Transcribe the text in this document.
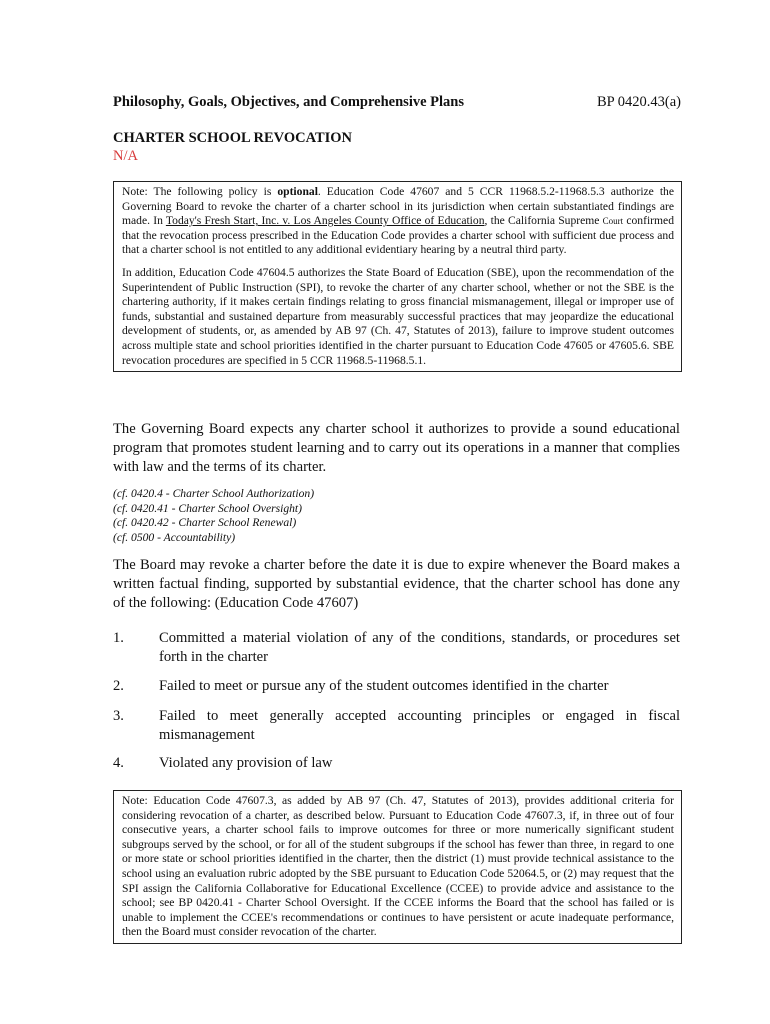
Philosophy, Goals, Objectives, and Comprehensive Plans	BP 0420.43(a)
CHARTER SCHOOL REVOCATION
N/A

Note: The following policy is optional. Education Code 47607 and 5 CCR 11968.5.2-11968.5.3 authorize the Governing Board to revoke the charter of a charter school in its jurisdiction when certain substantiated findings are made. In Today's Fresh Start, Inc. v. Los Angeles County Office of Education, the California Supreme Court confirmed that the revocation process prescribed in the Education Code provides a charter school with sufficient due process and that a charter school is not entitled to any additional evidentiary hearing by a neutral third party.

In addition, Education Code 47604.5 authorizes the State Board of Education (SBE), upon the recommendation of the Superintendent of Public Instruction (SPI), to revoke the charter of any charter school, whether or not the SBE is the chartering authority, if it makes certain findings relating to gross financial mismanagement, illegal or improper use of funds, substantial and sustained departure from measurably successful practices that may jeopardize the educational development of students, or, as amended by AB 97 (Ch. 47, Statutes of 2013), failure to improve student outcomes across multiple state and school priorities identified in the charter pursuant to Education Code 47605 or 47605.6. SBE revocation procedures are specified in 5 CCR 11968.5-11968.5.1.

The Governing Board expects any charter school it authorizes to provide a sound educational program that promotes student learning and to carry out its operations in a manner that complies with law and the terms of its charter.

(cf. 0420.4 - Charter School Authorization)
(cf. 0420.41 - Charter School Oversight)
(cf. 0420.42 - Charter School Renewal)
(cf. 0500 - Accountability)

The Board may revoke a charter before the date it is due to expire whenever the Board makes a written factual finding, supported by substantial evidence, that the charter school has done any of the following: (Education Code 47607)

1. Committed a material violation of any of the conditions, standards, or procedures set forth in the charter
2. Failed to meet or pursue any of the student outcomes identified in the charter
3. Failed to meet generally accepted accounting principles or engaged in fiscal mismanagement
4. Violated any provision of law

Note: Education Code 47607.3, as added by AB 97 (Ch. 47, Statutes of 2013), provides additional criteria for considering revocation of a charter, as described below. Pursuant to Education Code 47607.3, if, in three out of four consecutive years, a charter school fails to improve outcomes for three or more numerically significant student subgroups served by the school, or for all of the student subgroups if the school has fewer than three, in regard to one or more state or school priorities identified in the charter, then the district (1) must provide technical assistance to the school using an evaluation rubric adopted by the SBE pursuant to Education Code 52064.5, or (2) may request that the SPI assign the California Collaborative for Educational Excellence (CCEE) to provide advice and assistance to the school; see BP 0420.41 - Charter School Oversight. If the CCEE informs the Board that the school has failed or is unable to implement the CCEE's recommendations or continues to have persistent or acute inadequate performance, then the Board must consider revocation of the charter.
